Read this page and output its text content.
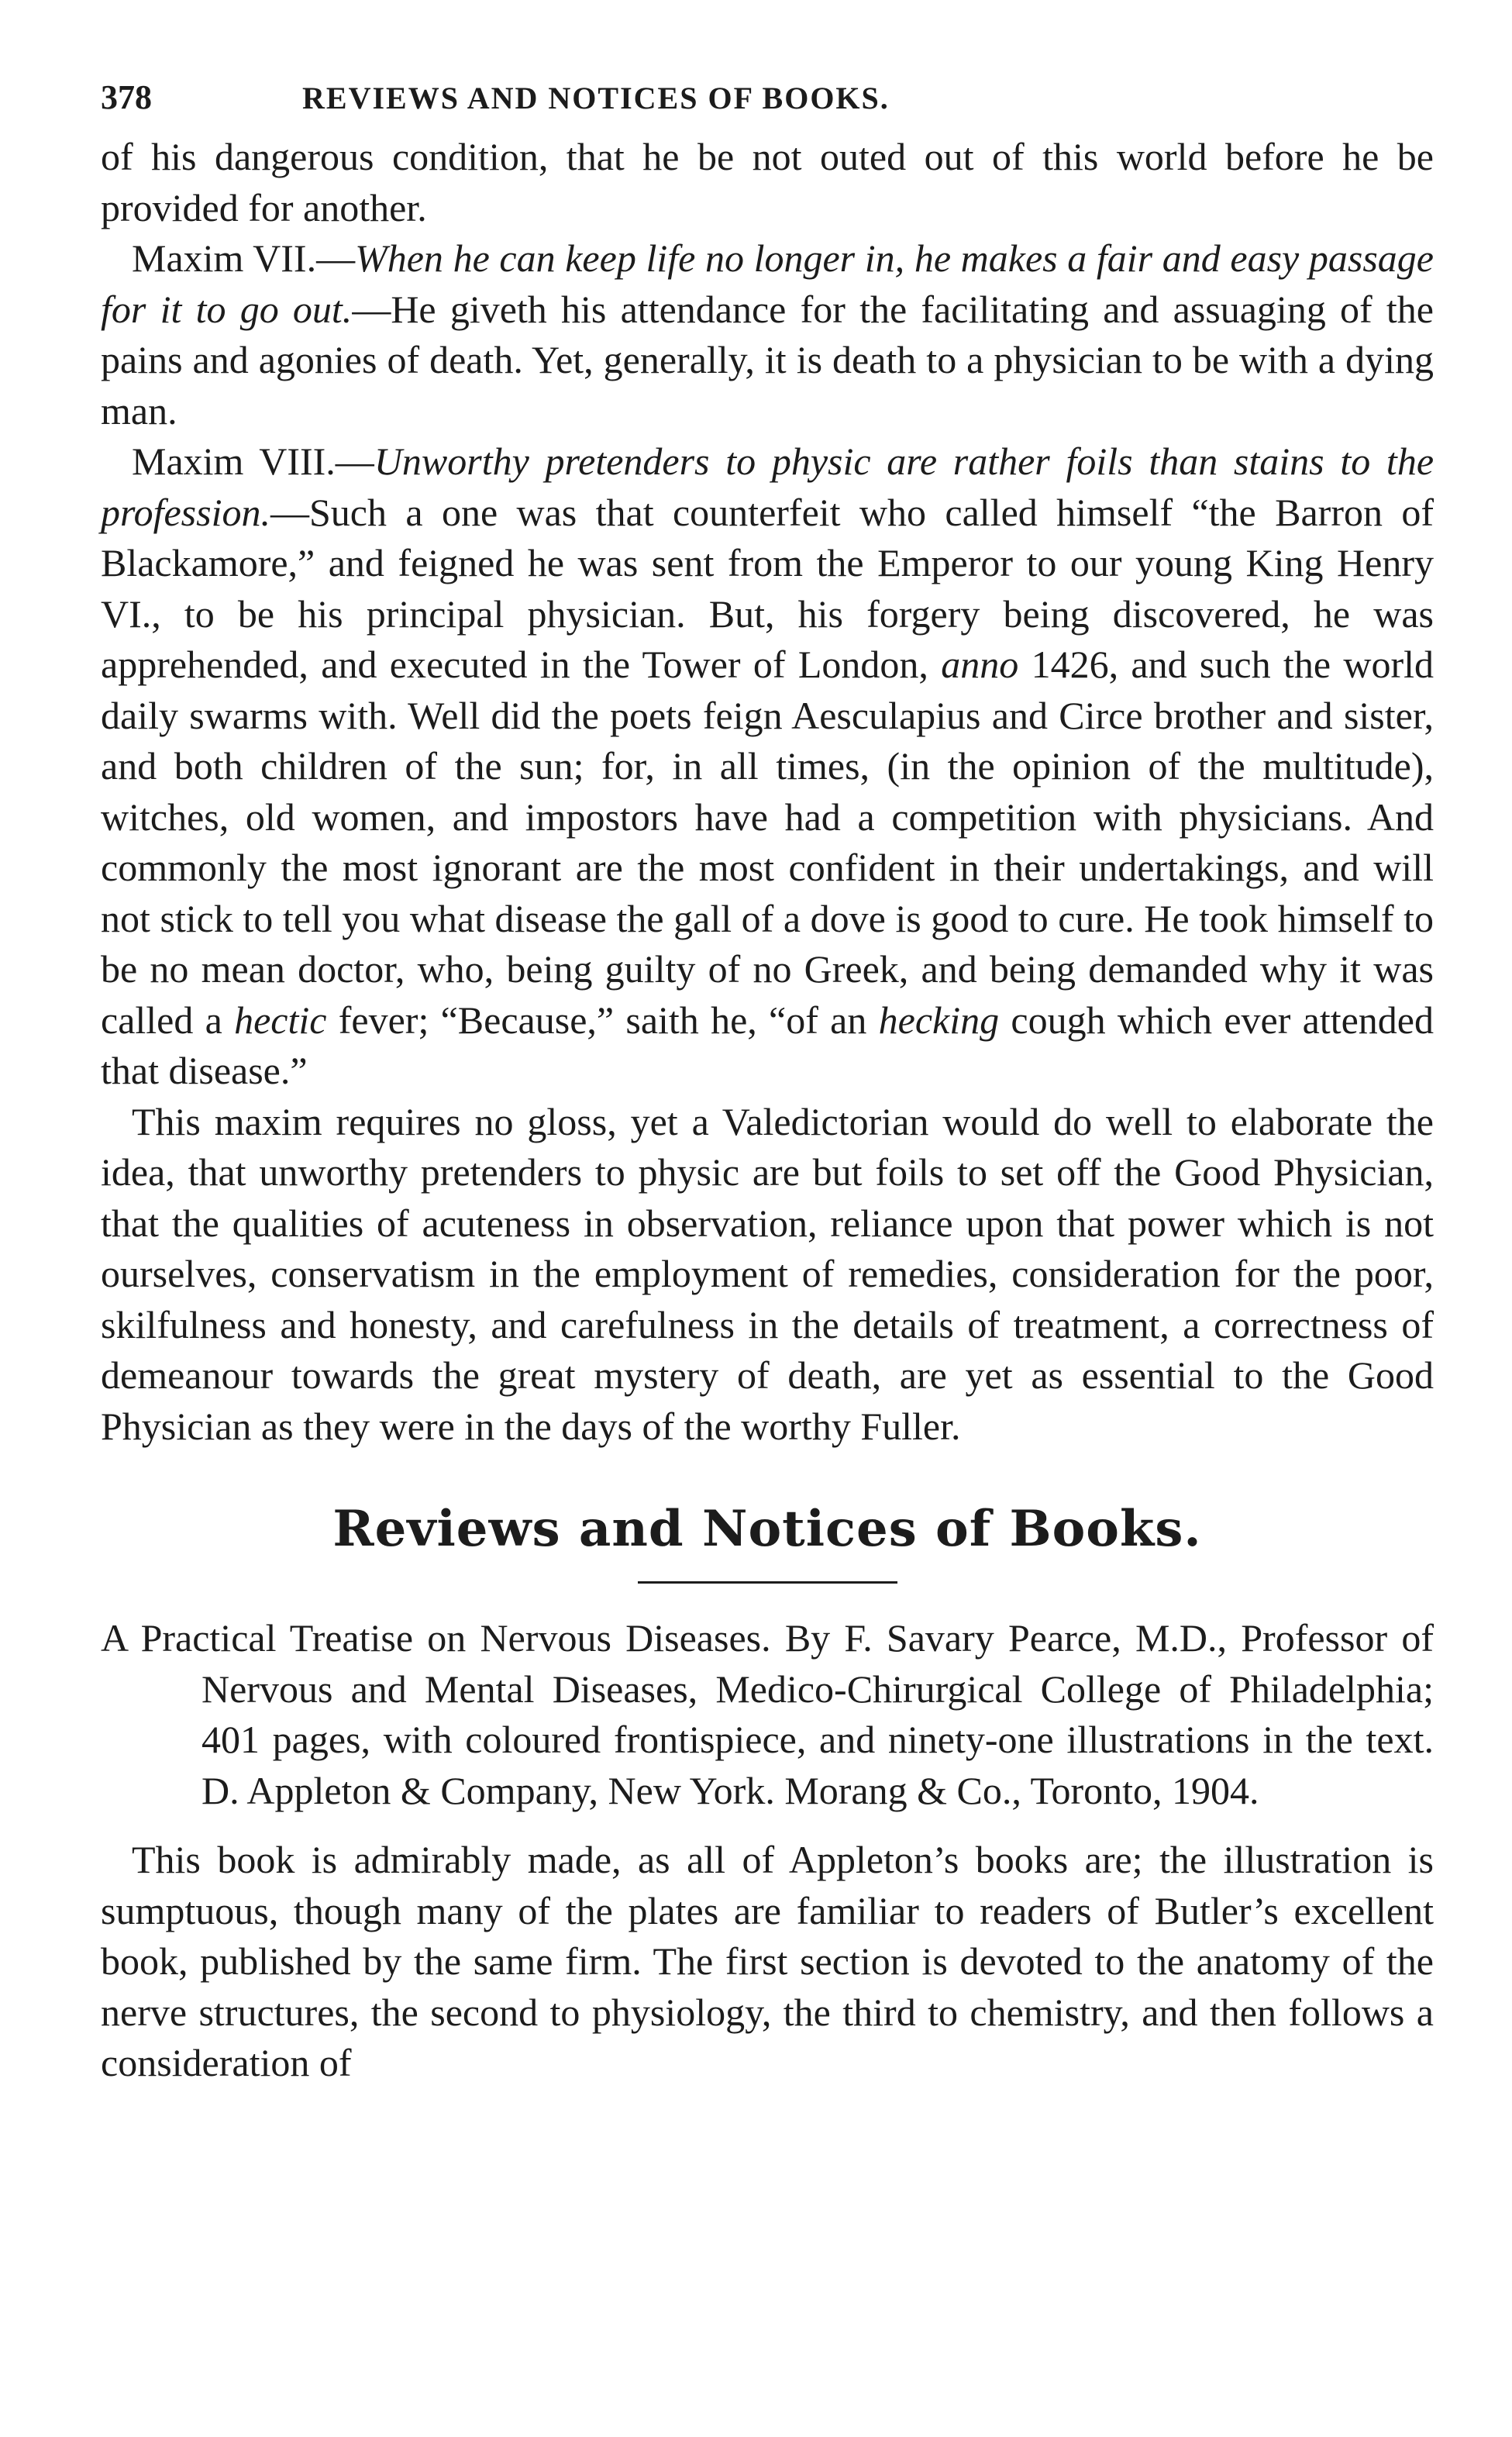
378	REVIEWS AND NOTICES OF BOOKS.

of his dangerous condition, that he be not outed out of this world before he be provided for another.

Maxim VII.—When he can keep life no longer in, he makes a fair and easy passage for it to go out.—He giveth his attendance for the facilitating and assuaging of the pains and agonies of death. Yet, generally, it is death to a physician to be with a dying man.

Maxim VIII.—Unworthy pretenders to physic are rather foils than stains to the profession.—Such a one was that counterfeit who called himself “the Barron of Blackamore,” and feigned he was sent from the Emperor to our young King Henry VI., to be his principal physician. But, his forgery being discovered, he was apprehended, and executed in the Tower of London, anno 1426, and such the world daily swarms with. Well did the poets feign Aesculapius and Circe brother and sister, and both children of the sun; for, in all times, (in the opinion of the multitude), witches, old women, and impostors have had a competition with physicians. And commonly the most ignorant are the most confident in their undertakings, and will not stick to tell you what disease the gall of a dove is good to cure. He took himself to be no mean doctor, who, being guilty of no Greek, and being demanded why it was called a hectic fever; “Because,” saith he, “of an hecking cough which ever attended that disease.”

This maxim requires no gloss, yet a Valedictorian would do well to elaborate the idea, that unworthy pretenders to physic are but foils to set off the Good Physician, that the qualities of acuteness in observation, reliance upon that power which is not ourselves, conservatism in the employment of remedies, consideration for the poor, skilfulness and honesty, and carefulness in the details of treatment, a correctness of demeanour towards the great mystery of death, are yet as essential to the Good Physician as they were in the days of the worthy Fuller.

Reviews and Notices of Books.

A Practical Treatise on Nervous Diseases. By F. Savary Pearce, M.D., Professor of Nervous and Mental Diseases, Medico-Chirurgical College of Philadelphia; 401 pages, with coloured frontispiece, and ninety-one illustrations in the text. D. Appleton & Company, New York. Morang & Co., Toronto, 1904.

This book is admirably made, as all of Appleton’s books are; the illustration is sumptuous, though many of the plates are familiar to readers of Butler’s excellent book, published by the same firm. The first section is devoted to the anatomy of the nerve structures, the second to physiology, the third to chemistry, and then follows a consideration of
